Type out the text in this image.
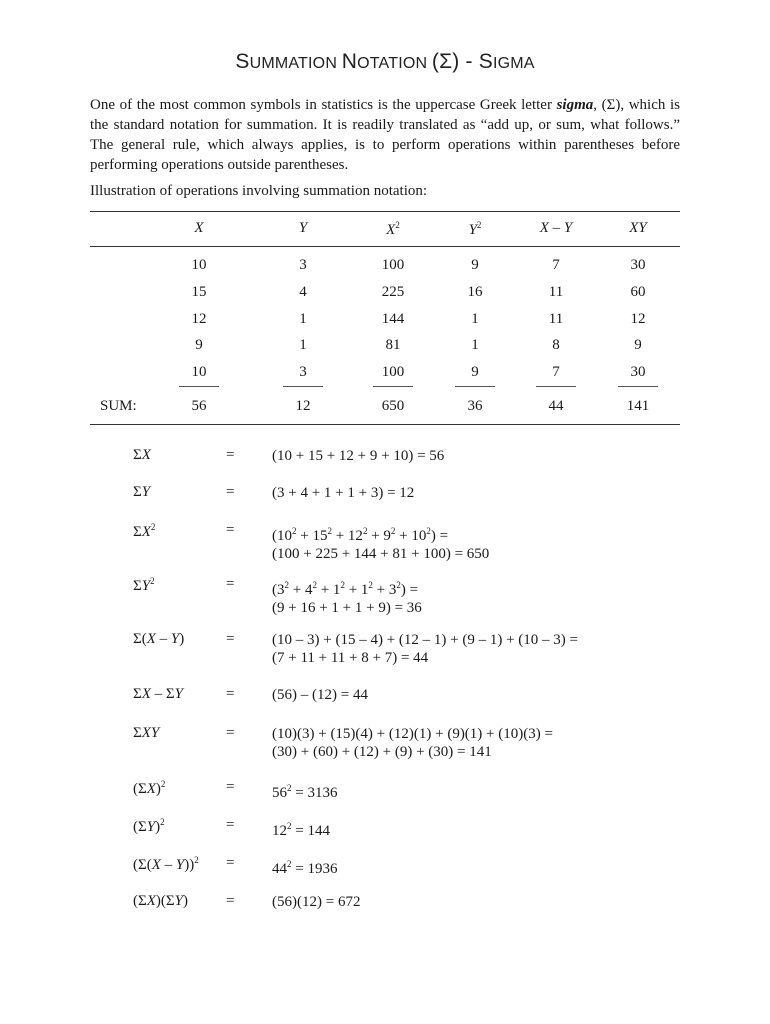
SUMMATION NOTATION (Σ) - SIGMA

One of the most common symbols in statistics is the uppercase Greek letter sigma, (Σ), which is the standard notation for summation. It is readily translated as “add up, or sum, what follows.” The general rule, which always applies, is to perform operations within parentheses before performing operations outside parentheses.

Illustration of operations involving summation notation:

X	Y	$X^2$	$Y^2$	X – Y	XY
10	3	100	9	7	30
15	4	225	16	11	60
12	1	144	1	11	12
9	1	81	1	8	9
10	3	100	9	7	30
SUM:	56	12	650	36	44	141
ΣX	=	(10 + 15 + 12 + 9 + 10) = 56
ΣY	=	(3 + 4 + 1 + 1 + 3) = 12
$\Sigma X^2$	=	$(10^2 + 15^2 + 12^2 + 9^2 + 10^2)$ =
(100 + 225 + 144 + 81 + 100) = 650
$\Sigma Y^2$	=	$(3^2 + 4^2 + 1^2 + 1^2 + 3^2)$ =
(9 + 16 + 1 + 1 + 9) = 36
Σ(X – Y)	=	(10 – 3) + (15 – 4) + (12 – 1) + (9 – 1) + (10 – 3) =
(7 + 11 + 11 + 8 + 7) = 44
ΣX – ΣY	=	(56) – (12) = 44
ΣXY	=	(10)(3) + (15)(4) + (12)(1) + (9)(1) + (10)(3) =
(30) + (60) + (12) + (9) + (30) = 141
$(\Sigma X)^2$	=	$56^2 = 3136$
$(\Sigma Y)^2$	=	$12^2 = 144$
(Σ(X – Y))$^2$ =	$44^2 = 1936$
(ΣX)(ΣY)	=	(56)(12) = 672
